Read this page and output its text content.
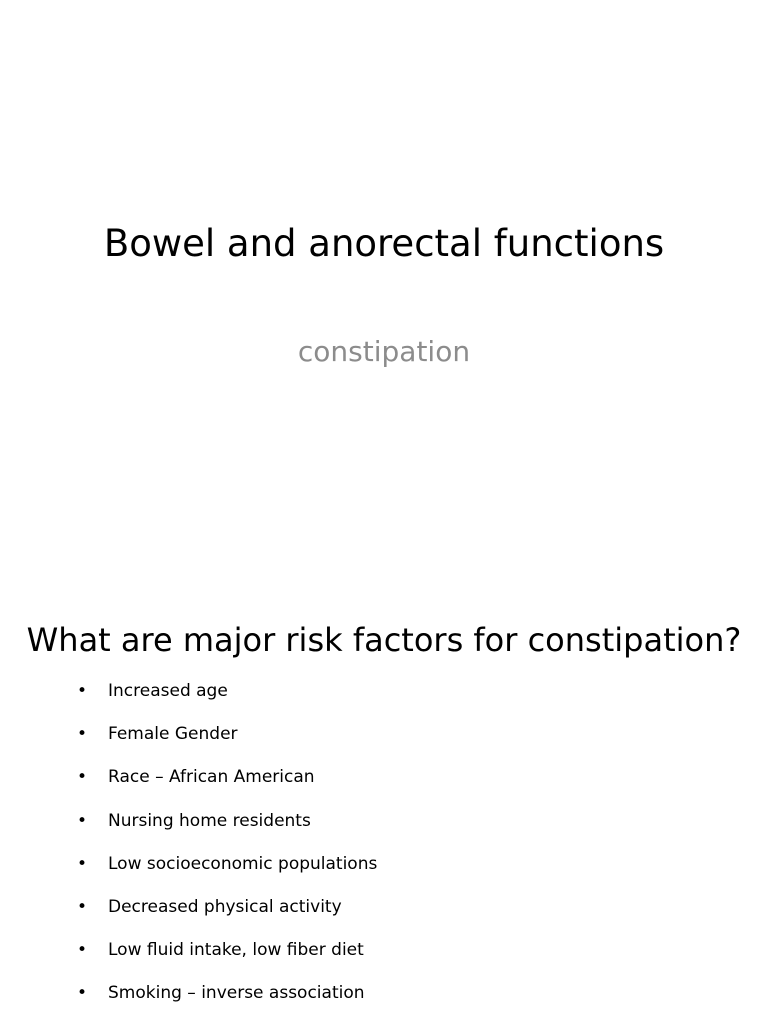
Bowel and anorectal functions
constipation
What are major risk factors for constipation?
• Increased age
• Female Gender
• Race – African American
• Nursing home residents
• Low socioeconomic populations
• Decreased physical activity
• Low fluid intake, low fiber diet
• Smoking – inverse association
